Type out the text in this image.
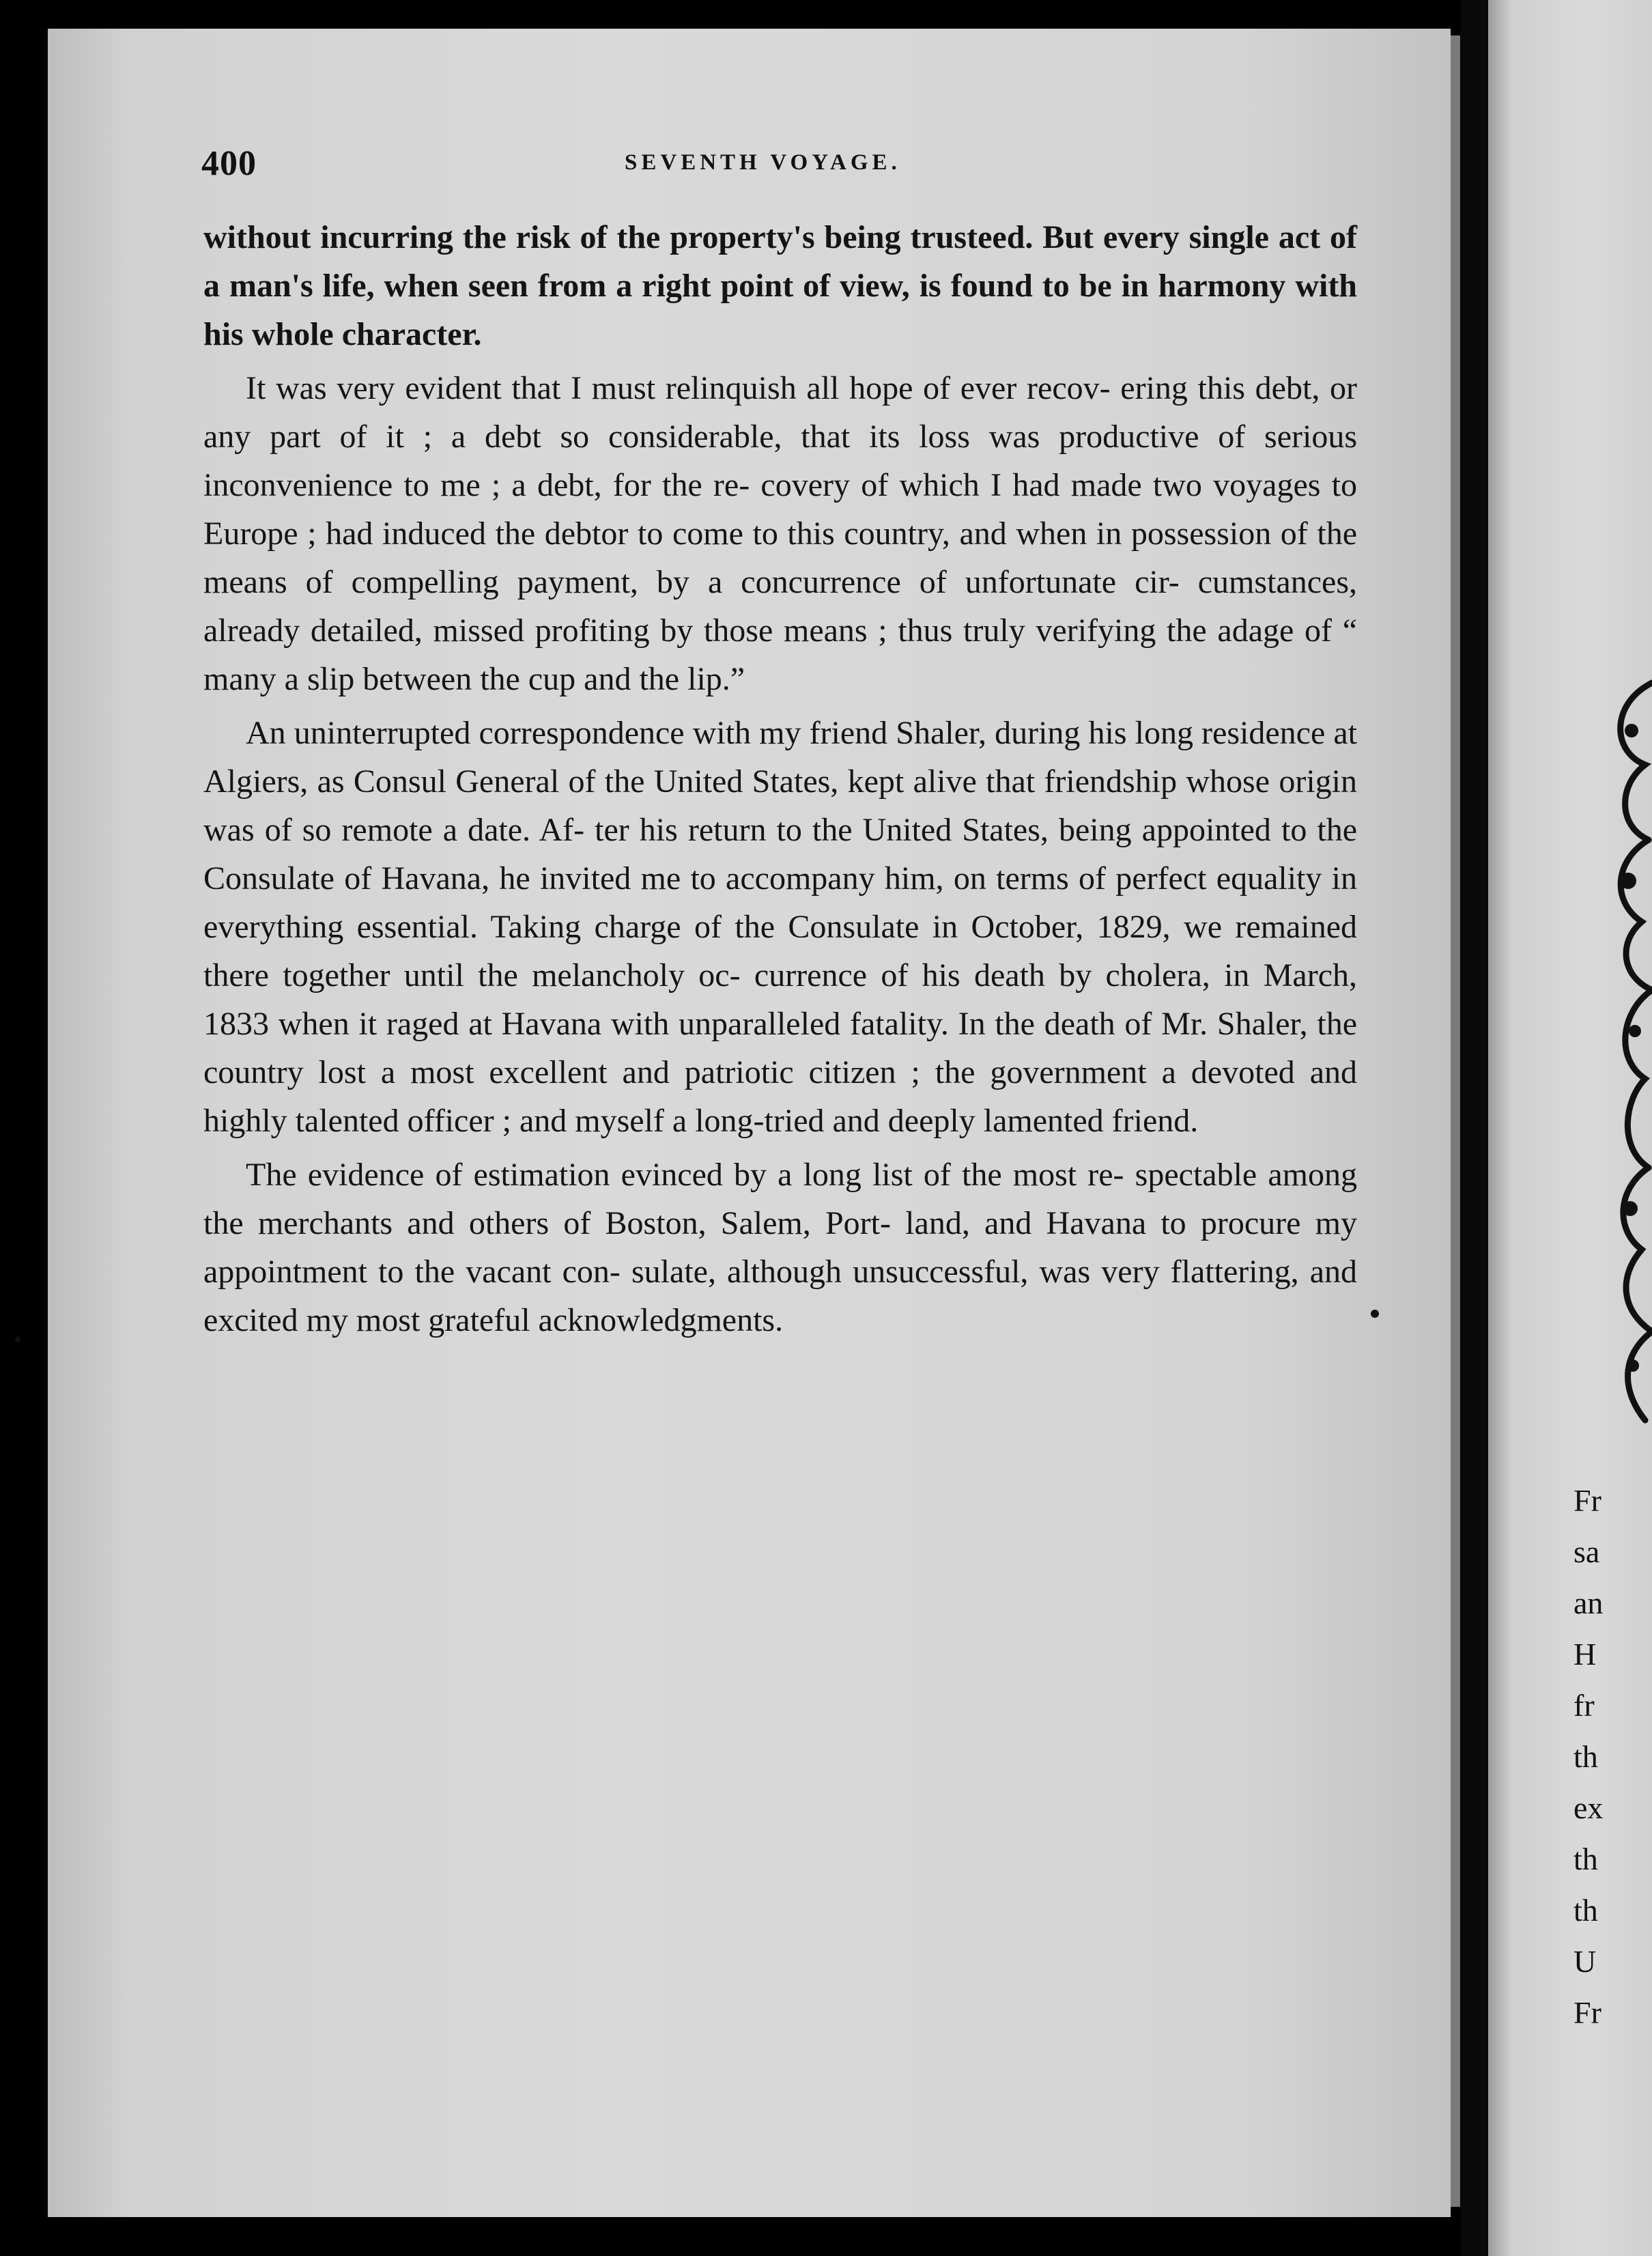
400	SEVENTH VOYAGE.

without incurring the risk of the property's being trusteed. But every single act of a man's life, when seen from a right point of view, is found to be in harmony with his whole character.

It was very evident that I must relinquish all hope of ever recov- ering this debt, or any part of it ; a debt so considerable, that its loss was productive of serious inconvenience to me ; a debt, for the re- covery of which I had made two voyages to Europe ; had induced the debtor to come to this country, and when in possession of the means of compelling payment, by a concurrence of unfortunate cir- cumstances, already detailed, missed profiting by those means ; thus truly verifying the adage of “ many a slip between the cup and the lip.”

An uninterrupted correspondence with my friend Shaler, during his long residence at Algiers, as Consul General of the United States, kept alive that friendship whose origin was of so remote a date. Af- ter his return to the United States, being appointed to the Consulate of Havana, he invited me to accompany him, on terms of perfect equality in everything essential. Taking charge of the Consulate in October, 1829, we remained there together until the melancholy oc- currence of his death by cholera, in March, 1833 when it raged at Havana with unparalleled fatality. In the death of Mr. Shaler, the country lost a most excellent and patriotic citizen ; the government a devoted and highly talented officer ; and myself a long-tried and deeply lamented friend.

The evidence of estimation evinced by a long list of the most re- spectable among the merchants and others of Boston, Salem, Port- land, and Havana to procure my appointment to the vacant con- sulate, although unsuccessful, was very flattering, and excited my most grateful acknowledgments.

Fr
sa
an
H
fr
th
ex
th
th
U
Fr
